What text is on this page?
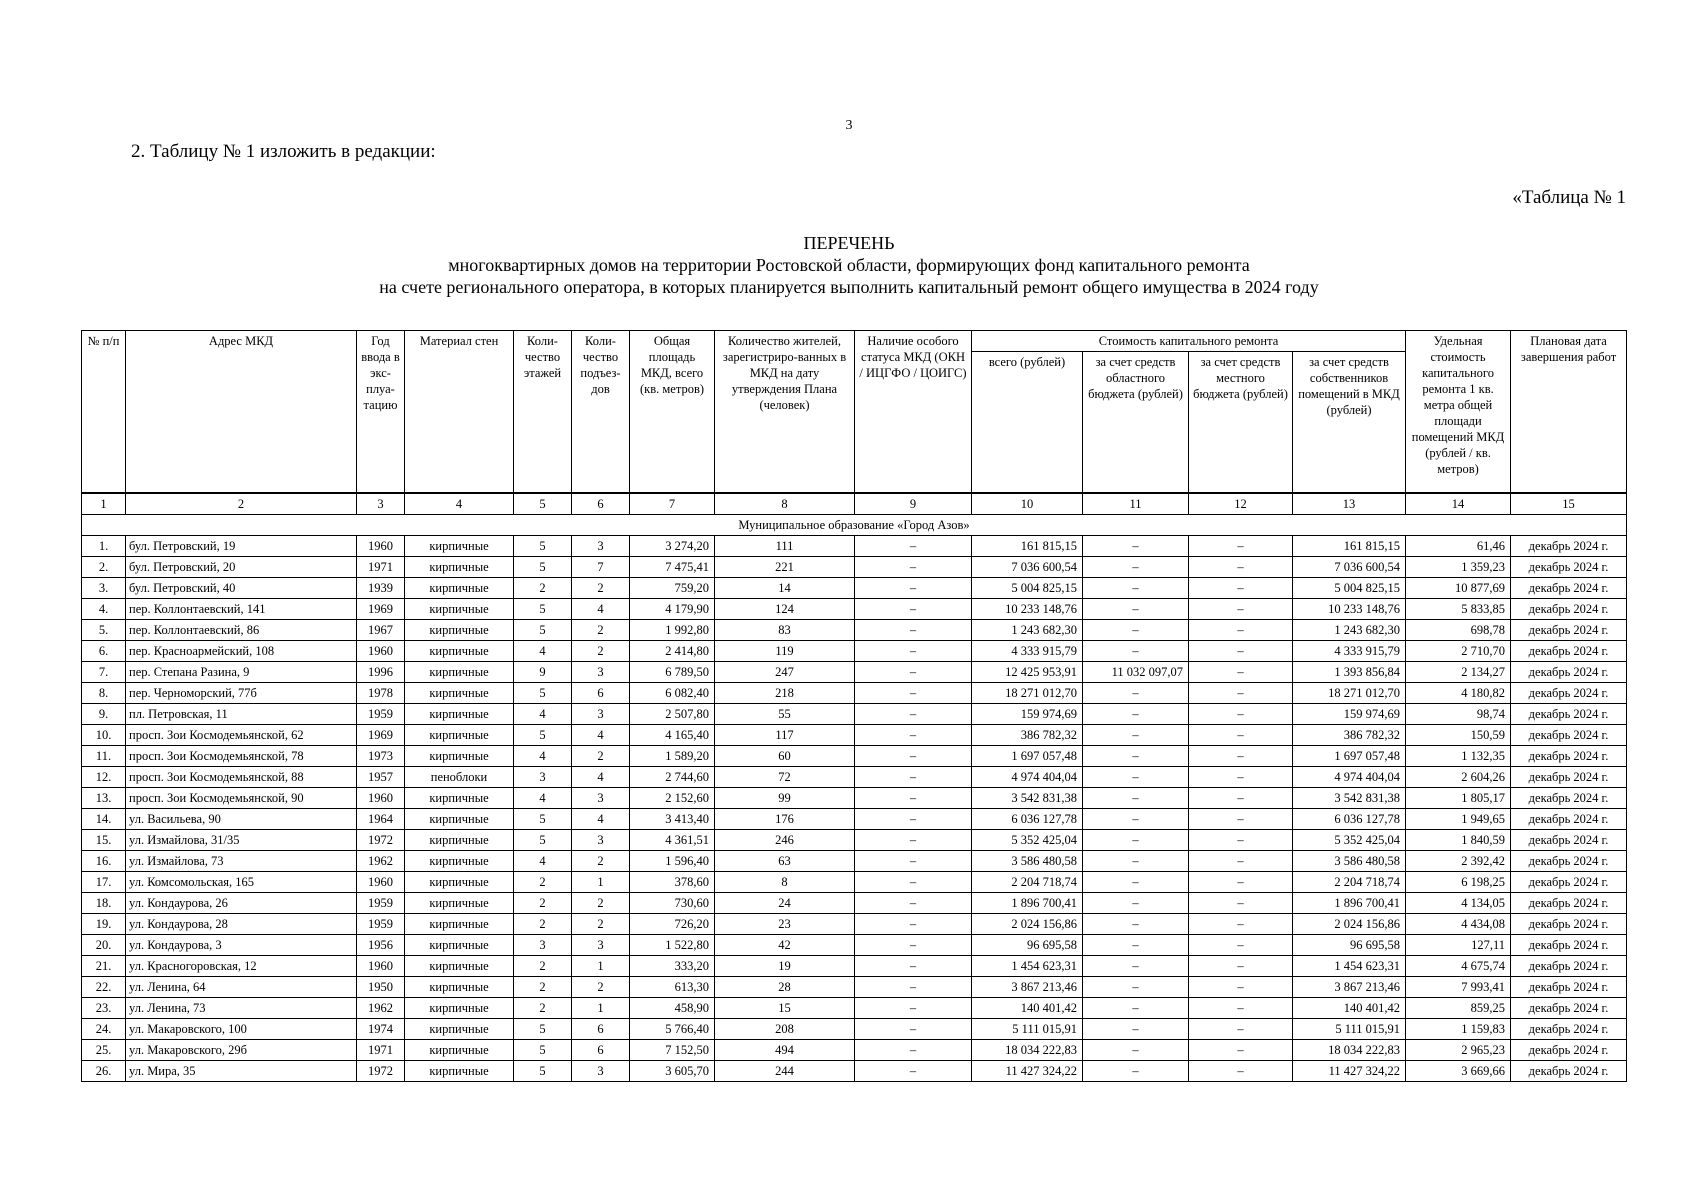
3
2. Таблицу № 1 изложить в редакции:
«Таблица № 1
ПЕРЕЧЕНЬ
многоквартирных домов на территории Ростовской области, формирующих фонд капитального ремонта
на счете регионального оператора, в которых планируется выполнить капитальный ремонт общего имущества в 2024 году
№ п/п	Адрес МКД	Год ввода в экс-плуа-тацию	Материал стен	Коли-чество этажей	Коли-чество подъез-дов	Общая площадь МКД, всего (кв. метров)	Количество жителей, зарегистриро-ванных в МКД на дату утверждения Плана (человек)	Наличие особого статуса МКД (ОКН / ИЦГФО / ЦОИГС)	Стоимость капитального ремонта				Удельная стоимость капитального ремонта 1 кв. метра общей площади помещений МКД (рублей / кв. метров)	Плановая дата завершения работ
									всего (рублей)	за счет средств областного бюджета (рублей)	за счет средств местного бюджета (рублей)	за счет средств собственников помещений в МКД (рублей)		
1	2	3	4	5	6	7	8	9	10	11	12	13	14	15
Муниципальное образование «Город Азов»														
1.	бул. Петровский, 19	1960	кирпичные	5	3	3 274,20	111	–	161 815,15	–	–	161 815,15	61,46	декабрь 2024 г.
2.	бул. Петровский, 20	1971	кирпичные	5	7	7 475,41	221	–	7 036 600,54	–	–	7 036 600,54	1 359,23	декабрь 2024 г.
3.	бул. Петровский, 40	1939	кирпичные	2	2	759,20	14	–	5 004 825,15	–	–	5 004 825,15	10 877,69	декабрь 2024 г.
4.	пер. Коллонтаевский, 141	1969	кирпичные	5	4	4 179,90	124	–	10 233 148,76	–	–	10 233 148,76	5 833,85	декабрь 2024 г.
5.	пер. Коллонтаевский, 86	1967	кирпичные	5	2	1 992,80	83	–	1 243 682,30	–	–	1 243 682,30	698,78	декабрь 2024 г.
6.	пер. Красноармейский, 108	1960	кирпичные	4	2	2 414,80	119	–	4 333 915,79	–	–	4 333 915,79	2 710,70	декабрь 2024 г.
7.	пер. Степана Разина, 9	1996	кирпичные	9	3	6 789,50	247	–	12 425 953,91	11 032 097,07	–	1 393 856,84	2 134,27	декабрь 2024 г.
8.	пер. Черноморский, 77б	1978	кирпичные	5	6	6 082,40	218	–	18 271 012,70	–	–	18 271 012,70	4 180,82	декабрь 2024 г.
9.	пл. Петровская, 11	1959	кирпичные	4	3	2 507,80	55	–	159 974,69	–	–	159 974,69	98,74	декабрь 2024 г.
10.	просп. Зои Космодемьянской, 62	1969	кирпичные	5	4	4 165,40	117	–	386 782,32	–	–	386 782,32	150,59	декабрь 2024 г.
11.	просп. Зои Космодемьянской, 78	1973	кирпичные	4	2	1 589,20	60	–	1 697 057,48	–	–	1 697 057,48	1 132,35	декабрь 2024 г.
12.	просп. Зои Космодемьянской, 88	1957	пеноблоки	3	4	2 744,60	72	–	4 974 404,04	–	–	4 974 404,04	2 604,26	декабрь 2024 г.
13.	просп. Зои Космодемьянской, 90	1960	кирпичные	4	3	2 152,60	99	–	3 542 831,38	–	–	3 542 831,38	1 805,17	декабрь 2024 г.
14.	ул. Васильева, 90	1964	кирпичные	5	4	3 413,40	176	–	6 036 127,78	–	–	6 036 127,78	1 949,65	декабрь 2024 г.
15.	ул. Измайлова, 31/35	1972	кирпичные	5	3	4 361,51	246	–	5 352 425,04	–	–	5 352 425,04	1 840,59	декабрь 2024 г.
16.	ул. Измайлова, 73	1962	кирпичные	4	2	1 596,40	63	–	3 586 480,58	–	–	3 586 480,58	2 392,42	декабрь 2024 г.
17.	ул. Комсомольская, 165	1960	кирпичные	2	1	378,60	8	–	2 204 718,74	–	–	2 204 718,74	6 198,25	декабрь 2024 г.
18.	ул. Кондаурова, 26	1959	кирпичные	2	2	730,60	24	–	1 896 700,41	–	–	1 896 700,41	4 134,05	декабрь 2024 г.
19.	ул. Кондаурова, 28	1959	кирпичные	2	2	726,20	23	–	2 024 156,86	–	–	2 024 156,86	4 434,08	декабрь 2024 г.
20.	ул. Кондаурова, 3	1956	кирпичные	3	3	1 522,80	42	–	96 695,58	–	–	96 695,58	127,11	декабрь 2024 г.
21.	ул. Красногоровская, 12	1960	кирпичные	2	1	333,20	19	–	1 454 623,31	–	–	1 454 623,31	4 675,74	декабрь 2024 г.
22.	ул. Ленина, 64	1950	кирпичные	2	2	613,30	28	–	3 867 213,46	–	–	3 867 213,46	7 993,41	декабрь 2024 г.
23.	ул. Ленина, 73	1962	кирпичные	2	1	458,90	15	–	140 401,42	–	–	140 401,42	859,25	декабрь 2024 г.
24.	ул. Макаровского, 100	1974	кирпичные	5	6	5 766,40	208	–	5 111 015,91	–	–	5 111 015,91	1 159,83	декабрь 2024 г.
25.	ул. Макаровского, 29б	1971	кирпичные	5	6	7 152,50	494	–	18 034 222,83	–	–	18 034 222,83	2 965,23	декабрь 2024 г.
26.	ул. Мира, 35	1972	кирпичные	5	3	3 605,70	244	–	11 427 324,22	–	–	11 427 324,22	3 669,66	декабрь 2024 г.
